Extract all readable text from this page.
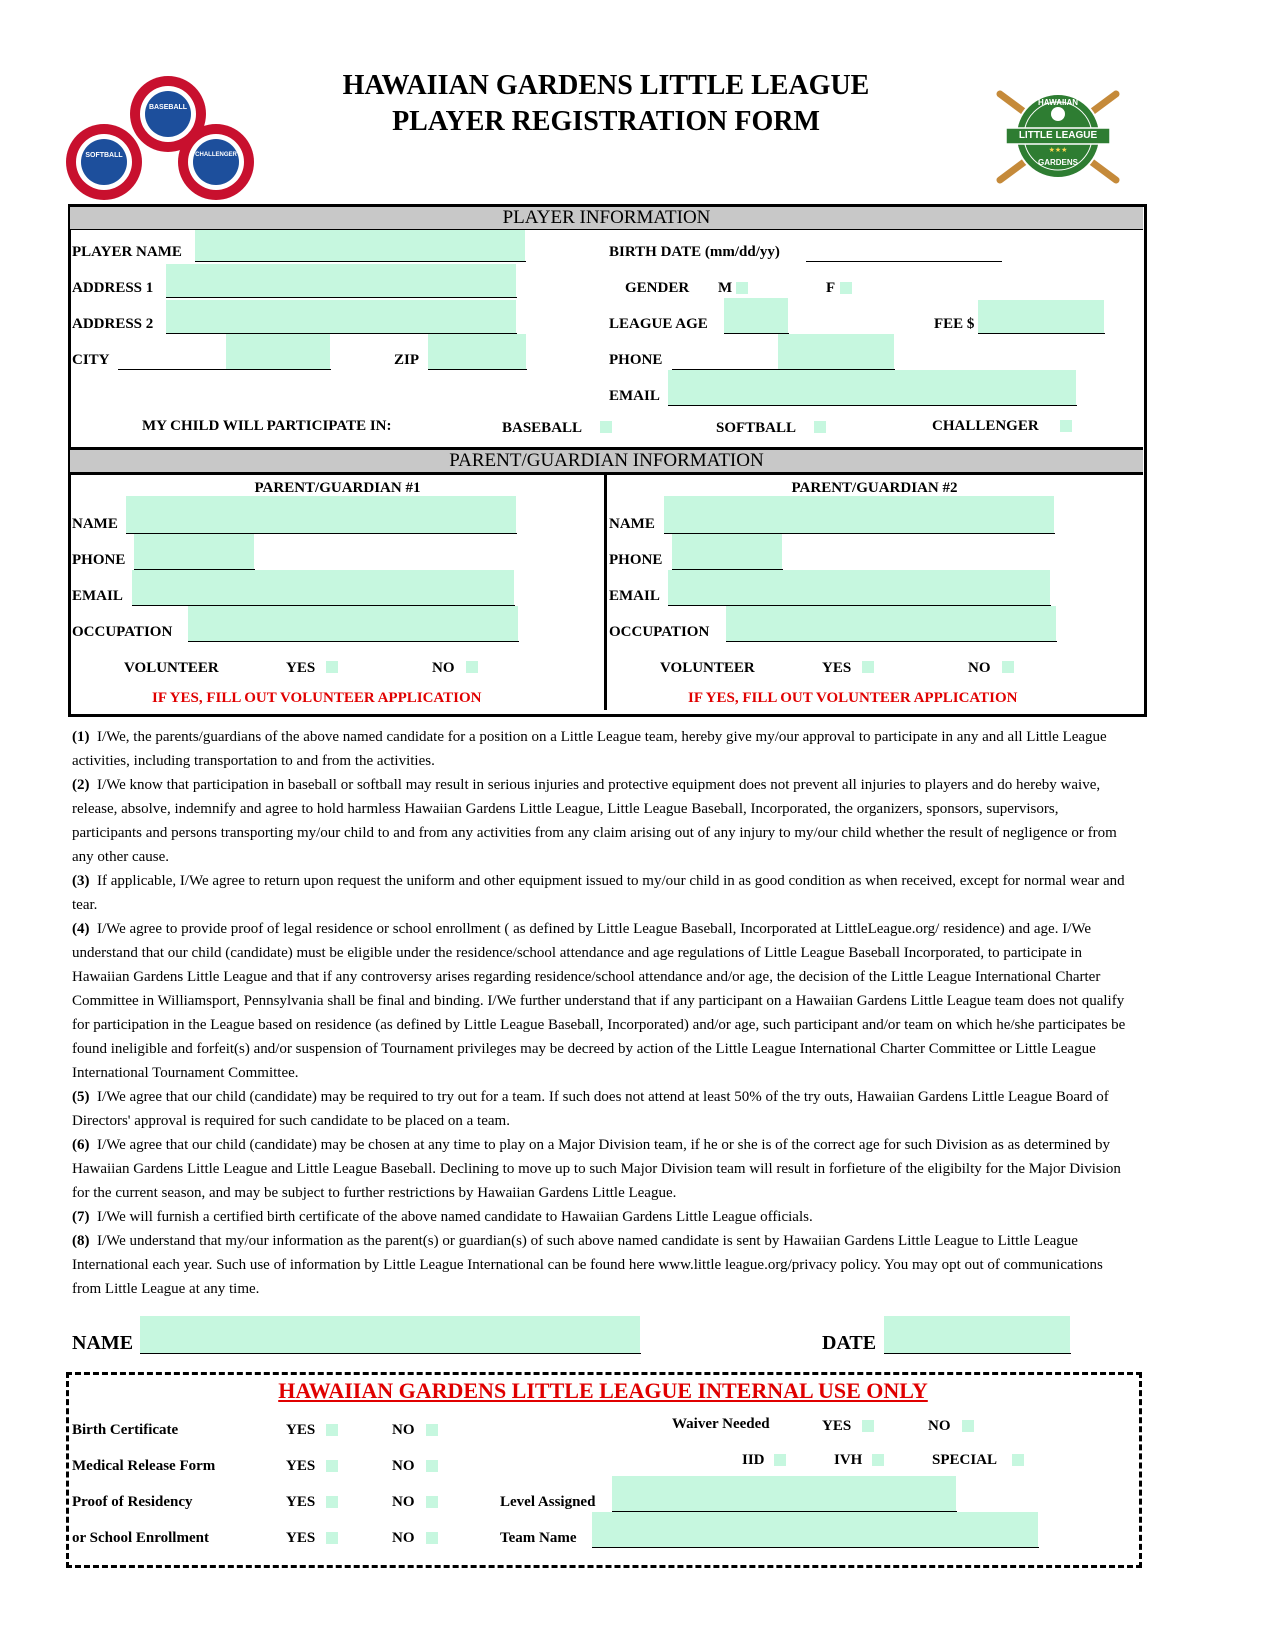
HAWAIIAN GARDENS LITTLE LEAGUE
PLAYER REGISTRATION FORM
BASEBALL
SOFTBALL	CHALLENGER
LITTLE LEAGUE
HAWAIIAN
★★★
GARDENS
PLAYER INFORMATION
PLAYER NAME	BIRTH DATE (mm/dd/yy)
ADDRESS 1	GENDER M	F
ADDRESS 2	LEAGUE AGE	FEE $
CITY	ZIP	PHONE
EMAIL
MY CHILD WILL PARTICIPATE IN:	BASEBALL	SOFTBALL	CHALLENGER
PARENT/GUARDIAN INFORMATION
PARENT/GUARDIAN #1
NAME
PHONE
EMAIL
OCCUPATION
VOLUNTEER	YES	NO
IF YES, FILL OUT VOLUNTEER APPLICATION
PARENT/GUARDIAN #2
NAME
PHONE
EMAIL
OCCUPATION
VOLUNTEER	YES	NO
IF YES, FILL OUT VOLUNTEER APPLICATION

(1) I/We, the parents/guardians of the above named candidate for a position on a Little League team, hereby give my/our approval to participate in any and all Little League activities, including transportation to and from the activities.

(2) I/We know that participation in baseball or softball may result in serious injuries and protective equipment does not prevent all injuries to players and do hereby waive, release, absolve, indemnify and agree to hold harmless Hawaiian Gardens Little League, Little League Baseball, Incorporated, the organizers, sponsors, supervisors, participants and persons transporting my/our child to and from any activities from any claim arising out of any injury to my/our child whether the result of negligence or from any other cause.

(3) If applicable, I/We agree to return upon request the uniform and other equipment issued to my/our child in as good condition as when received, except for normal wear and tear.

(4) I/We agree to provide proof of legal residence or school enrollment ( as defined by Little League Baseball, Incorporated at LittleLeague.org/ residence) and age. I/We understand that our child (candidate) must be eligible under the residence/school attendance and age regulations of Little League Baseball Incorporated, to participate in Hawaiian Gardens Little League and that if any controversy arises regarding residence/school attendance and/or age, the decision of the Little League International Charter Committee in Williamsport, Pennsylvania shall be final and binding. I/We further understand that if any participant on a Hawaiian Gardens Little League team does not qualify for participation in the League based on residence (as defined by Little League Baseball, Incorporated) and/or age, such participant and/or team on which he/she participates be found ineligible and forfeit(s) and/or suspension of Tournament privileges may be decreed by action of the Little League International Charter Committee or Little League International Tournament Committee.

(5) I/We agree that our child (candidate) may be required to try out for a team. If such does not attend at least 50% of the try outs, Hawaiian Gardens Little League Board of Directors' approval is required for such candidate to be placed on a team.

(6) I/We agree that our child (candidate) may be chosen at any time to play on a Major Division team, if he or she is of the correct age for such Division as as determined by Hawaiian Gardens Little League and Little League Baseball. Declining to move up to such Major Division team will result in forfieture of the eligibilty for the Major Division for the current season, and may be subject to further restrictions by Hawaiian Gardens Little League.

(7) I/We will furnish a certified birth certificate of the above named candidate to Hawaiian Gardens Little League officials.

(8) I/We understand that my/our information as the parent(s) or guardian(s) of such above named candidate is sent by Hawaiian Gardens Little League to Little League International each year. Such use of information by Little League International can be found here www.little league.org/privacy policy. You may opt out of communications from Little League at any time.

NAME	DATE
HAWAIIAN GARDENS LITTLE LEAGUE INTERNAL USE ONLY
Birth Certificate	YES	NO
Medical Release Form	YES	NO
Proof of Residency	YES	NO
or School Enrollment	YES	NO
Waiver Needed	YES	NO
IID	IVH	SPECIAL
Level Assigned
Team Name
